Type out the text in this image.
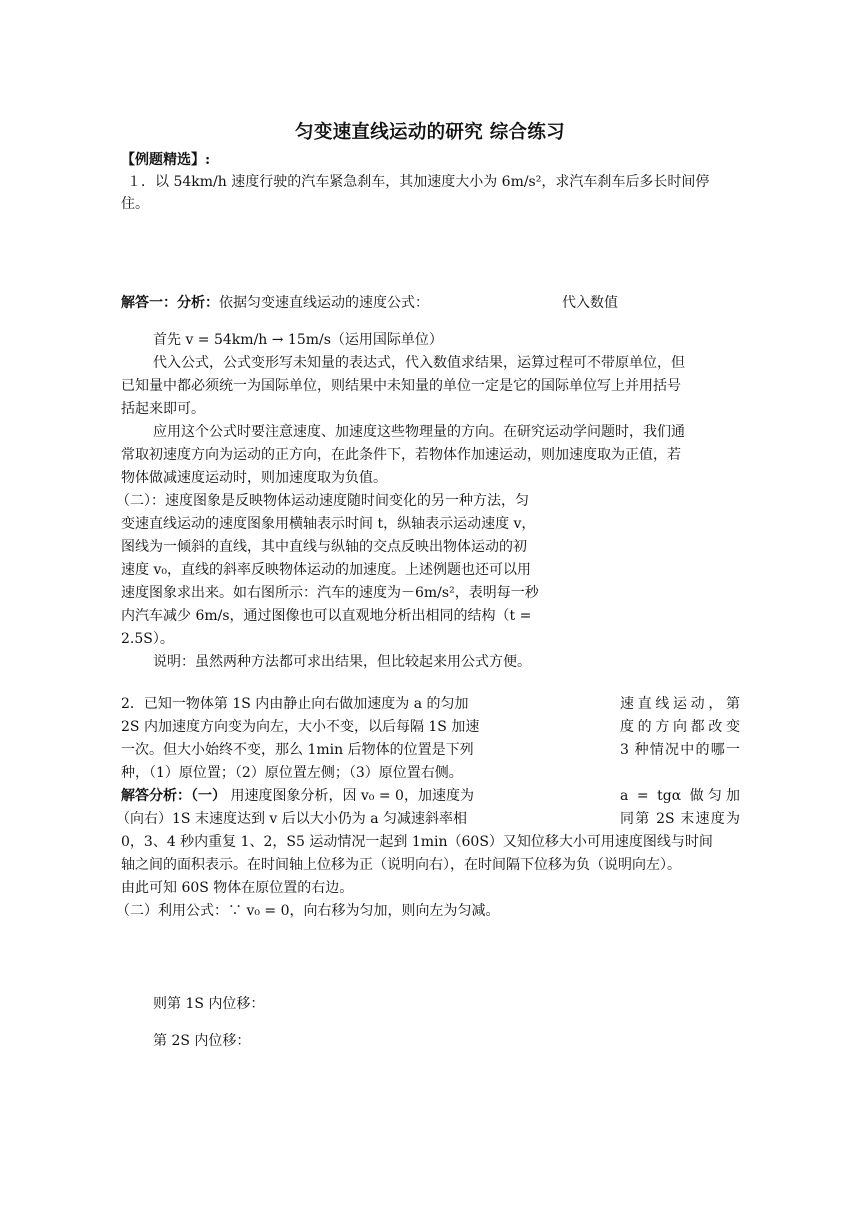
匀变速直线运动的研究 综合练习
【例题精选】:
１．以 54km/h 速度行驶的汽车紧急刹车，其加速度大小为 6m/s²，求汽车刹车后多长时间停
住。
解答一：分析：依据匀变速直线运动的速度公式：	代入数值
首先 v = 54km/h → 15m/s（运用国际单位）
代入公式，公式变形写未知量的表达式，代入数值求结果，运算过程可不带原单位，但
已知量中都必须统一为国际单位，则结果中未知量的单位一定是它的国际单位写上并用括号
括起来即可。
应用这个公式时要注意速度、加速度这些物理量的方向。在研究运动学问题时，我们通
常取初速度方向为运动的正方向，在此条件下，若物体作加速运动，则加速度取为正值，若
物体做减速度运动时，则加速度取为负值。
（二）：速度图象是反映物体运动速度随时间变化的另一种方法，匀
变速直线运动的速度图象用横轴表示时间 t，纵轴表示运动速度 v，
图线为一倾斜的直线，其中直线与纵轴的交点反映出物体运动的初
速度 v₀，直线的斜率反映物体运动的加速度。上述例题也还可以用
速度图象求出来。如右图所示：汽车的速度为－6m/s²，表明每一秒
内汽车减少 6m/s，通过图像也可以直观地分析出相同的结构（t =
2.5S）。
说明：虽然两种方法都可求出结果，但比较起来用公式方便。
2．已知一物体第 1S 内由静止向右做加速度为 a 的匀加	速直线运动，第
2S 内加速度方向变为向左，大小不变，以后每隔 1S 加速	度的方向都改变
一次。但大小始终不变，那么 1min 后物体的位置是下列	3 种情况中的哪一
种，（1）原位置；（2）原位置左侧；（3）原位置右侧。
解答分析：（一） 用速度图象分析，因 v₀ = 0，加速度为	a = tgα 做匀加
（向右）1S 末速度达到 v 后以大小仍为 a 匀减速斜率相	同第 2S 末速度为
0，3、4 秒内重复 1、2，S5 运动情况一起到 1min（60S）又知位移大小可用速度图线与时间
轴之间的面积表示。在时间轴上位移为正（说明向右），在时间隔下位移为负（说明向左）。
由此可知 60S 物体在原位置的右边。
（二）利用公式：∵ v₀ = 0，向右移为匀加，则向左为匀减。
则第 1S 内位移：
第 2S 内位移：
